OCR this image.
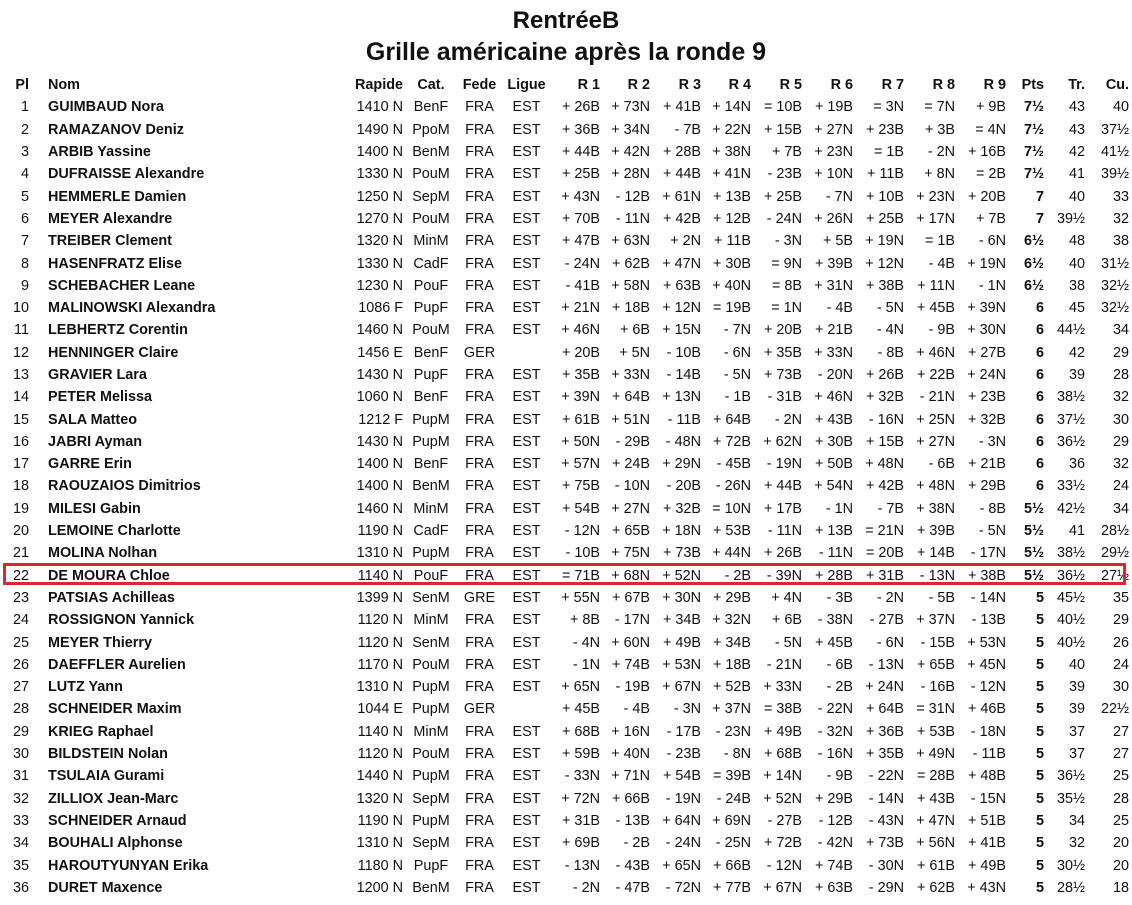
RentréeB
Grille américaine après la ronde 9
Pl	Nom	Rapide	Cat.	Fede	Ligue	R 1	R 2	R 3	R 4	R 5	R 6	R 7	R 8	R 9	Pts	Tr.	Cu.
1	GUIMBAUD Nora	1410 N	BenF	FRA	EST	+ 26B	+ 73N	+ 41B	+ 14N	= 10B	+ 19B	= 3N	= 7N	+ 9B	7½	43	40
2	RAMAZANOV Deniz	1490 N	PpoM	FRA	EST	+ 36B	+ 34N	- 7B	+ 22N	+ 15B	+ 27N	+ 23B	+ 3B	= 4N	7½	43	37½
3	ARBIB Yassine	1400 N	BenM	FRA	EST	+ 44B	+ 42N	+ 28B	+ 38N	+ 7B	+ 23N	= 1B	- 2N	+ 16B	7½	42	41½
4	DUFRAISSE Alexandre	1330 N	PouM	FRA	EST	+ 25B	+ 28N	+ 44B	+ 41N	- 23B	+ 10N	+ 11B	+ 8N	= 2B	7½	41	39½
5	HEMMERLE Damien	1250 N	SepM	FRA	EST	+ 43N	- 12B	+ 61N	+ 13B	+ 25B	- 7N	+ 10B	+ 23N	+ 20B	7	40	33
6	MEYER Alexandre	1270 N	PouM	FRA	EST	+ 70B	- 11N	+ 42B	+ 12B	- 24N	+ 26N	+ 25B	+ 17N	+ 7B	7	39½	32
7	TREIBER Clement	1320 N	MinM	FRA	EST	+ 47B	+ 63N	+ 2N	+ 11B	- 3N	+ 5B	+ 19N	= 1B	- 6N	6½	48	38
8	HASENFRATZ Elise	1330 N	CadF	FRA	EST	- 24N	+ 62B	+ 47N	+ 30B	= 9N	+ 39B	+ 12N	- 4B	+ 19N	6½	40	31½
9	SCHEBACHER Leane	1230 N	PouF	FRA	EST	- 41B	+ 58N	+ 63B	+ 40N	= 8B	+ 31N	+ 38B	+ 11N	- 1N	6½	38	32½
10	MALINOWSKI Alexandra	1086 F	PupF	FRA	EST	+ 21N	+ 18B	+ 12N	= 19B	= 1N	- 4B	- 5N	+ 45B	+ 39N	6	45	32½
11	LEBHERTZ Corentin	1460 N	PouM	FRA	EST	+ 46N	+ 6B	+ 15N	- 7N	+ 20B	+ 21B	- 4N	- 9B	+ 30N	6	44½	34
12	HENNINGER Claire	1456 E	BenF	GER		+ 20B	+ 5N	- 10B	- 6N	+ 35B	+ 33N	- 8B	+ 46N	+ 27B	6	42	29
13	GRAVIER Lara	1430 N	PupF	FRA	EST	+ 35B	+ 33N	- 14B	- 5N	+ 73B	- 20N	+ 26B	+ 22B	+ 24N	6	39	28
14	PETER Melissa	1060 N	BenF	FRA	EST	+ 39N	+ 64B	+ 13N	- 1B	- 31B	+ 46N	+ 32B	- 21N	+ 23B	6	38½	32
15	SALA Matteo	1212 F	PupM	FRA	EST	+ 61B	+ 51N	- 11B	+ 64B	- 2N	+ 43B	- 16N	+ 25N	+ 32B	6	37½	30
16	JABRI Ayman	1430 N	PupM	FRA	EST	+ 50N	- 29B	- 48N	+ 72B	+ 62N	+ 30B	+ 15B	+ 27N	- 3N	6	36½	29
17	GARRE Erin	1400 N	BenF	FRA	EST	+ 57N	+ 24B	+ 29N	- 45B	- 19N	+ 50B	+ 48N	- 6B	+ 21B	6	36	32
18	RAOUZAIOS Dimitrios	1400 N	BenM	FRA	EST	+ 75B	- 10N	- 20B	- 26N	+ 44B	+ 54N	+ 42B	+ 48N	+ 29B	6	33½	24
19	MILESI Gabin	1460 N	MinM	FRA	EST	+ 54B	+ 27N	+ 32B	= 10N	+ 17B	- 1N	- 7B	+ 38N	- 8B	5½	42½	34
20	LEMOINE Charlotte	1190 N	CadF	FRA	EST	- 12N	+ 65B	+ 18N	+ 53B	- 11N	+ 13B	= 21N	+ 39B	- 5N	5½	41	28½
21	MOLINA Nolhan	1310 N	PupM	FRA	EST	- 10B	+ 75N	+ 73B	+ 44N	+ 26B	- 11N	= 20B	+ 14B	- 17N	5½	38½	29½
22	DE MOURA Chloe	1140 N	PouF	FRA	EST	= 71B	+ 68N	+ 52N	- 2B	- 39N	+ 28B	+ 31B	- 13N	+ 38B	5½	36½	27½
23	PATSIAS Achilleas	1399 N	SenM	GRE	EST	+ 55N	+ 67B	+ 30N	+ 29B	+ 4N	- 3B	- 2N	- 5B	- 14N	5	45½	35
24	ROSSIGNON Yannick	1120 N	MinM	FRA	EST	+ 8B	- 17N	+ 34B	+ 32N	+ 6B	- 38N	- 27B	+ 37N	- 13B	5	40½	29
25	MEYER Thierry	1120 N	SenM	FRA	EST	- 4N	+ 60N	+ 49B	+ 34B	- 5N	+ 45B	- 6N	- 15B	+ 53N	5	40½	26
26	DAEFFLER Aurelien	1170 N	PouM	FRA	EST	- 1N	+ 74B	+ 53N	+ 18B	- 21N	- 6B	- 13N	+ 65B	+ 45N	5	40	24
27	LUTZ Yann	1310 N	PupM	FRA	EST	+ 65N	- 19B	+ 67N	+ 52B	+ 33N	- 2B	+ 24N	- 16B	- 12N	5	39	30
28	SCHNEIDER Maxim	1044 E	PupM	GER		+ 45B	- 4B	- 3N	+ 37N	= 38B	- 22N	+ 64B	= 31N	+ 46B	5	39	22½
29	KRIEG Raphael	1140 N	MinM	FRA	EST	+ 68B	+ 16N	- 17B	- 23N	+ 49B	- 32N	+ 36B	+ 53B	- 18N	5	37	27
30	BILDSTEIN Nolan	1120 N	PouM	FRA	EST	+ 59B	+ 40N	- 23B	- 8N	+ 68B	- 16N	+ 35B	+ 49N	- 11B	5	37	27
31	TSULAIA Gurami	1440 N	PupM	FRA	EST	- 33N	+ 71N	+ 54B	= 39B	+ 14N	- 9B	- 22N	= 28B	+ 48B	5	36½	25
32	ZILLIOX Jean-Marc	1320 N	SepM	FRA	EST	+ 72N	+ 66B	- 19N	- 24B	+ 52N	+ 29B	- 14N	+ 43B	- 15N	5	35½	28
33	SCHNEIDER Arnaud	1190 N	PupM	FRA	EST	+ 31B	- 13B	+ 64N	+ 69N	- 27B	- 12B	- 43N	+ 47N	+ 51B	5	34	25
34	BOUHALI Alphonse	1310 N	SepM	FRA	EST	+ 69B	- 2B	- 24N	- 25N	+ 72B	- 42N	+ 73B	+ 56N	+ 41B	5	32	20
35	HAROUTYUNYAN Erika	1180 N	PupF	FRA	EST	- 13N	- 43B	+ 65N	+ 66B	- 12N	+ 74B	- 30N	+ 61B	+ 49B	5	30½	20
36	DURET Maxence	1200 N	BenM	FRA	EST	- 2N	- 47B	- 72N	+ 77B	+ 67N	+ 63B	- 29N	+ 62B	+ 43N	5	28½	18
